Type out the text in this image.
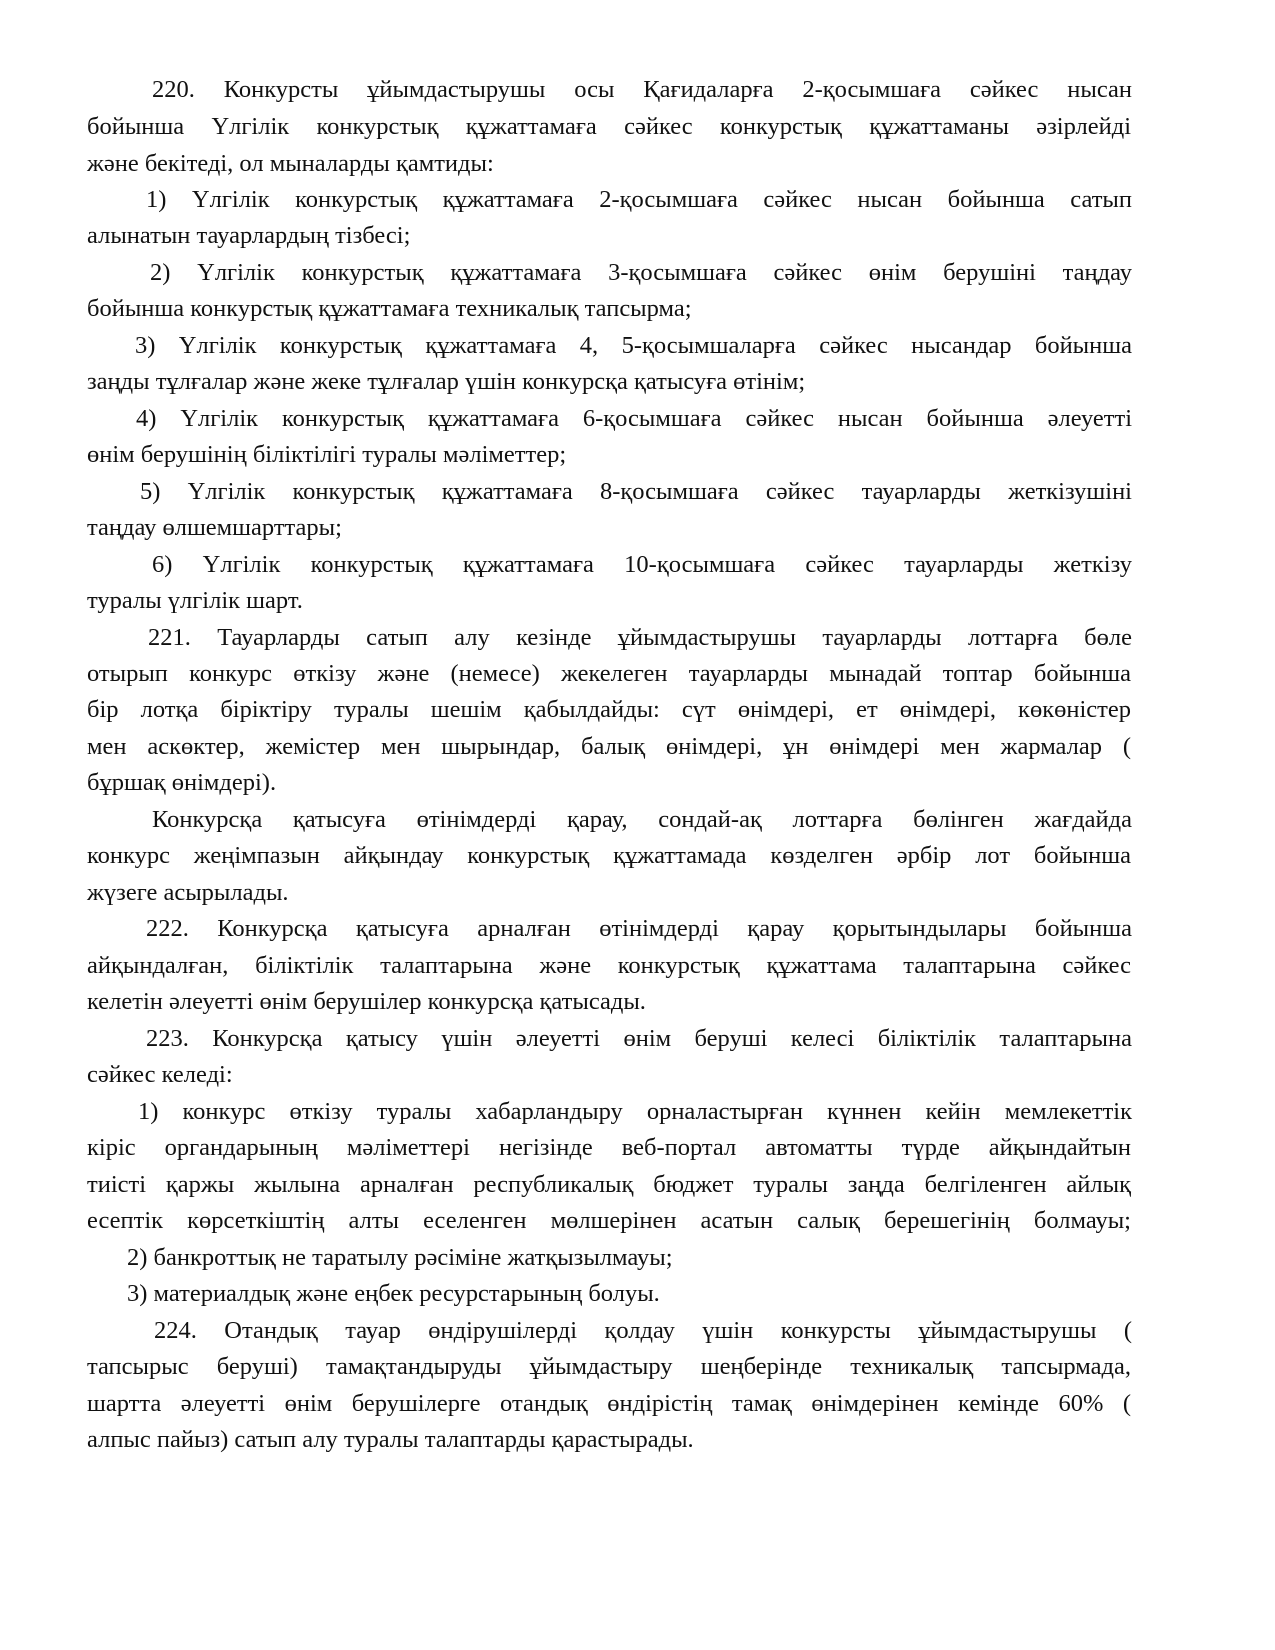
220. Конкурсты ұйымдастырушы осы Қағидаларға 2-қосымшаға сәйкес нысан
бойынша Үлгілік конкурстық құжаттамаға сәйкес конкурстық құжаттаманы әзірлейді
және бекітеді, ол мыналарды қамтиды:
1) Үлгілік конкурстық құжаттамаға 2-қосымшаға сәйкес нысан бойынша сатып
алынатын тауарлардың тізбесі;
2) Үлгілік конкурстық құжаттамаға 3-қосымшаға сәйкес өнім берушіні таңдау
бойынша конкурстық құжаттамаға техникалық тапсырма;
3) Үлгілік конкурстық құжаттамаға 4, 5-қосымшаларға сәйкес нысандар бойынша
заңды тұлғалар және жеке тұлғалар үшін конкурсқа қатысуға өтінім;
4) Үлгілік конкурстық құжаттамаға 6-қосымшаға сәйкес нысан бойынша әлеуетті
өнім берушінің біліктілігі туралы мәліметтер;
5) Үлгілік конкурстық құжаттамаға 8-қосымшаға сәйкес тауарларды жеткізушіні
таңдау өлшемшарттары;
6) Үлгілік конкурстық құжаттамаға 10-қосымшаға сәйкес тауарларды жеткізу
туралы үлгілік шарт.
221. Тауарларды сатып алу кезінде ұйымдастырушы тауарларды лоттарға бөле
отырып конкурс өткізу және (немесе) жекелеген тауарларды мынадай топтар бойынша
бір лотқа біріктіру туралы шешім қабылдайды: сүт өнімдері, ет өнімдері, көкөністер
мен аскөктер, жемістер мен шырындар, балық өнімдері, ұн өнімдері мен жармалар (
бұршақ өнімдері).
Конкурсқа қатысуға өтінімдерді қарау, сондай-ақ лоттарға бөлінген жағдайда
конкурс жеңімпазын айқындау конкурстық құжаттамада көзделген әрбір лот бойынша
жүзеге асырылады.
222. Конкурсқа қатысуға арналған өтінімдерді қарау қорытындылары бойынша
айқындалған, біліктілік талаптарына және конкурстық құжаттама талаптарына сәйкес
келетін әлеуетті өнім берушілер конкурсқа қатысады.
223. Конкурсқа қатысу үшін әлеуетті өнім беруші келесі біліктілік талаптарына
сәйкес келеді:
1) конкурс өткізу туралы хабарландыру орналастырған күннен кейін мемлекеттік
кіріс органдарының мәліметтері негізінде веб-портал автоматты түрде айқындайтын
тиісті қаржы жылына арналған республикалық бюджет туралы заңда белгіленген айлық
есептік көрсеткіштің алты еселенген мөлшерінен асатын салық берешегінің болмауы;
2) банкроттық не таратылу рәсіміне жатқызылмауы;
3) материалдық және еңбек ресурстарының болуы.
224. Отандық тауар өндірушілерді қолдау үшін конкурсты ұйымдастырушы (
тапсырыс беруші) тамақтандыруды ұйымдастыру шеңберінде техникалық тапсырмада,
шартта әлеуетті өнім берушілерге отандық өндірістің тамақ өнімдерінен кемінде 60% (
алпыс пайыз) сатып алу туралы талаптарды қарастырады.
